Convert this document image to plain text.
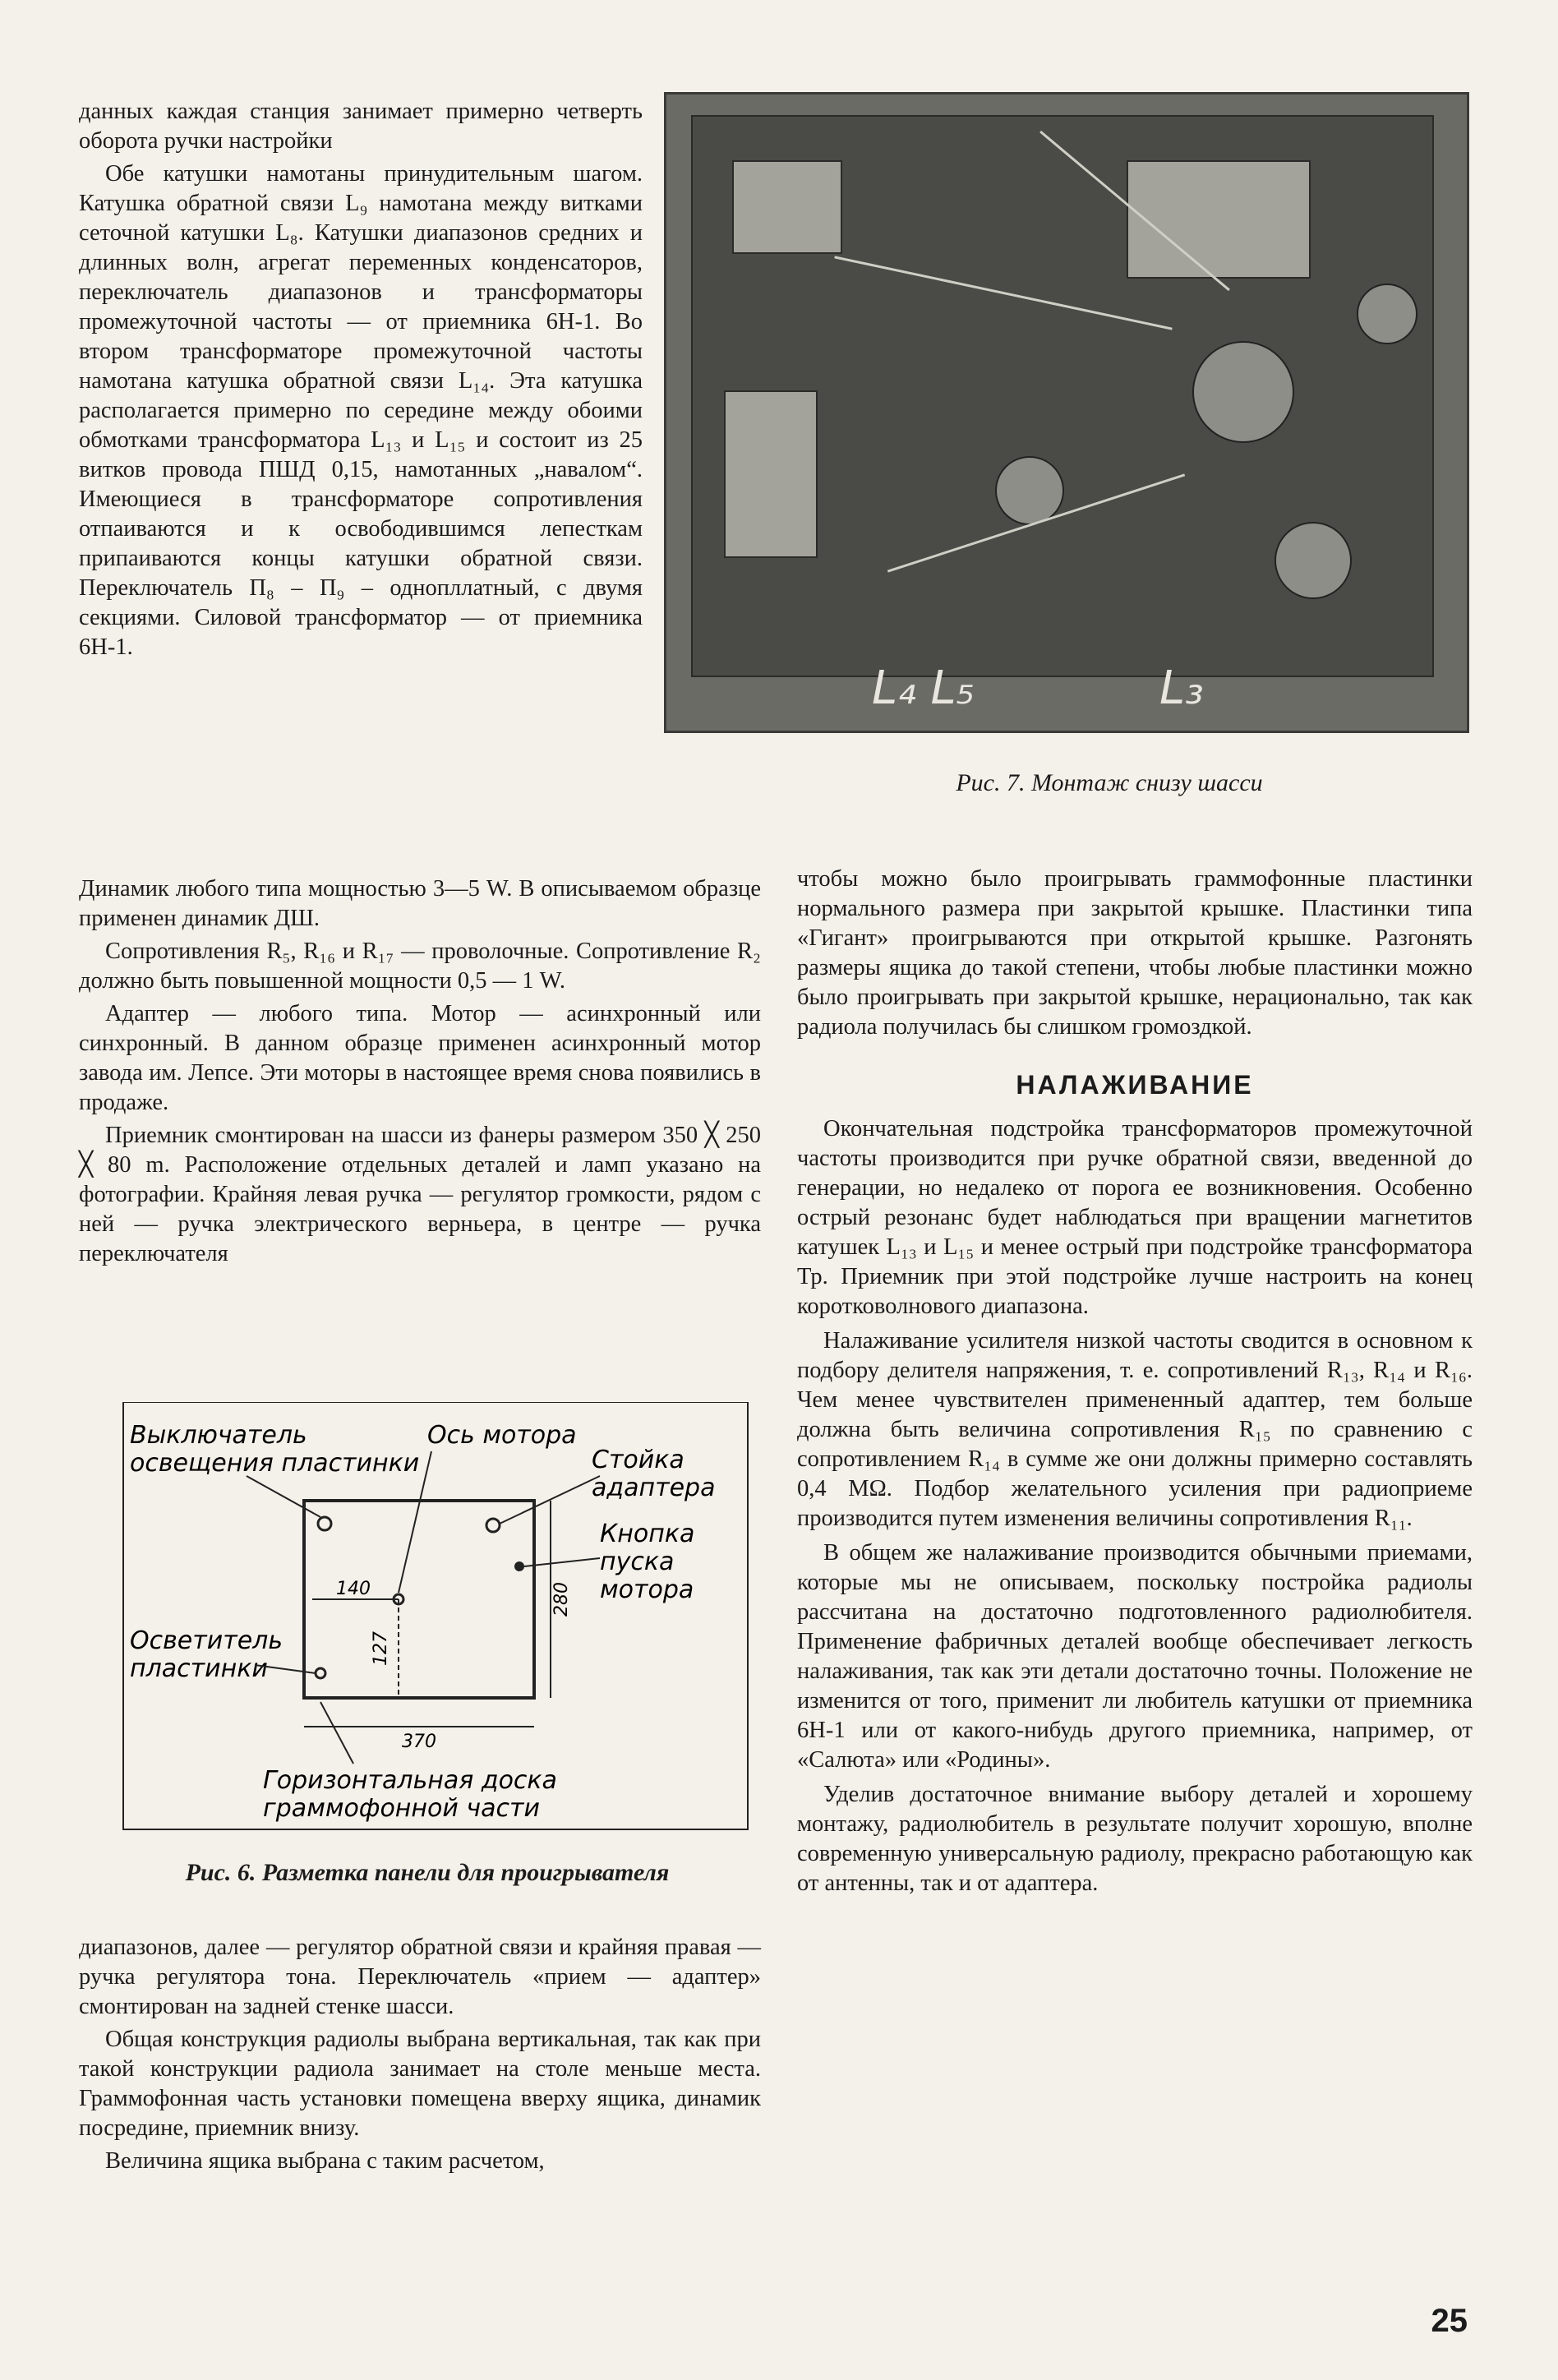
данных каждая станция занимает примерно четверть оборота ручки настройки

Обе катушки намотаны принудительным шагом. Катушка обратной связи L₉ намотана между витками сеточной катушки L₈. Катушки диапазонов средних и длинных волн, агрегат переменных конденсаторов, переключатель диапазонов и трансформаторы промежуточной частоты — от приемника 6Н-1. Во втором трансформаторе промежуточной частоты намотана катушка обратной связи L₁₄. Эта катушка располагается примерно по середине между обоими обмотками трансформатора L₁₃ и L₁₅ и состоит из 25 витков провода ПШД 0,15, намотанных „навалом“. Имеющиеся в трансформаторе сопротивления отпаиваются и к освободившимся лепесткам припаиваются концы катушки обратной связи. Переключатель П₈ – П₉ – однопллатный, с двумя секциями. Силовой трансформатор — от приемника 6Н-1.

L₄ L₅	L₃
Рис. 7. Монтаж снизу шасси

Динамик любого типа мощностью 3—5 W. В описываемом образце применен динамик ДШ.

Сопротивления R₅, R₁₆ и R₁₇ — проволочные. Сопротивление R₂ должно быть повышенной мощности 0,5 — 1 W.

Адаптер — любого типа. Мотор — асинхронный или синхронный. В данном образце применен асинхронный мотор завода им. Лепсе. Эти моторы в настоящее время снова появились в продаже.

Приемник смонтирован на шасси из фанеры размером 350 ╳ 250 ╳ 80 m. Расположение отдельных деталей и ламп указано на фотографии. Крайняя левая ручка — регулятор громкости, рядом с ней — ручка электрического верньера, в центре — ручка переключателя

140
127
280
370
Выключатель
освещения пластинки
Ось мотора
Стойка
адаптера
Кнопка
пуска
мотора
Осветитель
пластинки
Горизонтальная доска
граммофонной части
Рис. 6. Разметка панели для проигрывателя

диапазонов, далее — регулятор обратной связи и крайняя правая — ручка регулятора тона. Переключатель «прием — адаптер» смонтирован на задней стенке шасси.

Общая конструкция радиолы выбрана вертикальная, так как при такой конструкции радиола занимает на столе меньше места. Граммофонная часть установки помещена вверху ящика, динамик посредине, приемник внизу.

Величина ящика выбрана с таким расчетом,

чтобы можно было проигрывать граммофонные пластинки нормального размера при закрытой крышке. Пластинки типа «Гигант» проигрываются при открытой крышке. Разгонять размеры ящика до такой степени, чтобы любые пластинки можно было проигрывать при закрытой крышке, нерационально, так как радиола получилась бы слишком громоздкой.

НАЛАЖИВАНИЕ

Окончательная подстройка трансформаторов промежуточной частоты производится при ручке обратной связи, введенной до генерации, но недалеко от порога ее возникновения. Особенно острый резонанс будет наблюдаться при вращении магнетитов катушек L₁₃ и L₁₅ и менее острый при подстройке трансформатора Тр. Приемник при этой подстройке лучше настроить на конец коротковолнового диапазона.

Налаживание усилителя низкой частоты сводится в основном к подбору делителя напряжения, т. е. сопротивлений R₁₃, R₁₄ и R₁₆. Чем менее чувствителен примененный адаптер, тем больше должна быть величина сопротивления R₁₅ по сравнению с сопротивлением R₁₄ в сумме же они должны примерно составлять 0,4 MΩ. Подбор желательного усиления при радиоприеме производится путем изменения величины сопротивления R₁₁.

В общем же налаживание производится обычными приемами, которые мы не описываем, поскольку постройка радиолы рассчитана на достаточно подготовленного радиолюбителя. Применение фабричных деталей вообще обеспечивает легкость налаживания, так как эти детали достаточно точны. Положение не изменится от того, применит ли любитель катушки от приемника 6Н-1 или от какого-нибудь другого приемника, например, от «Салюта» или «Родины».

Уделив достаточное внимание выбору деталей и хорошему монтажу, радиолюбитель в результате получит хорошую, вполне современную универсальную радиолу, прекрасно работающую как от антенны, так и от адаптера.

25
